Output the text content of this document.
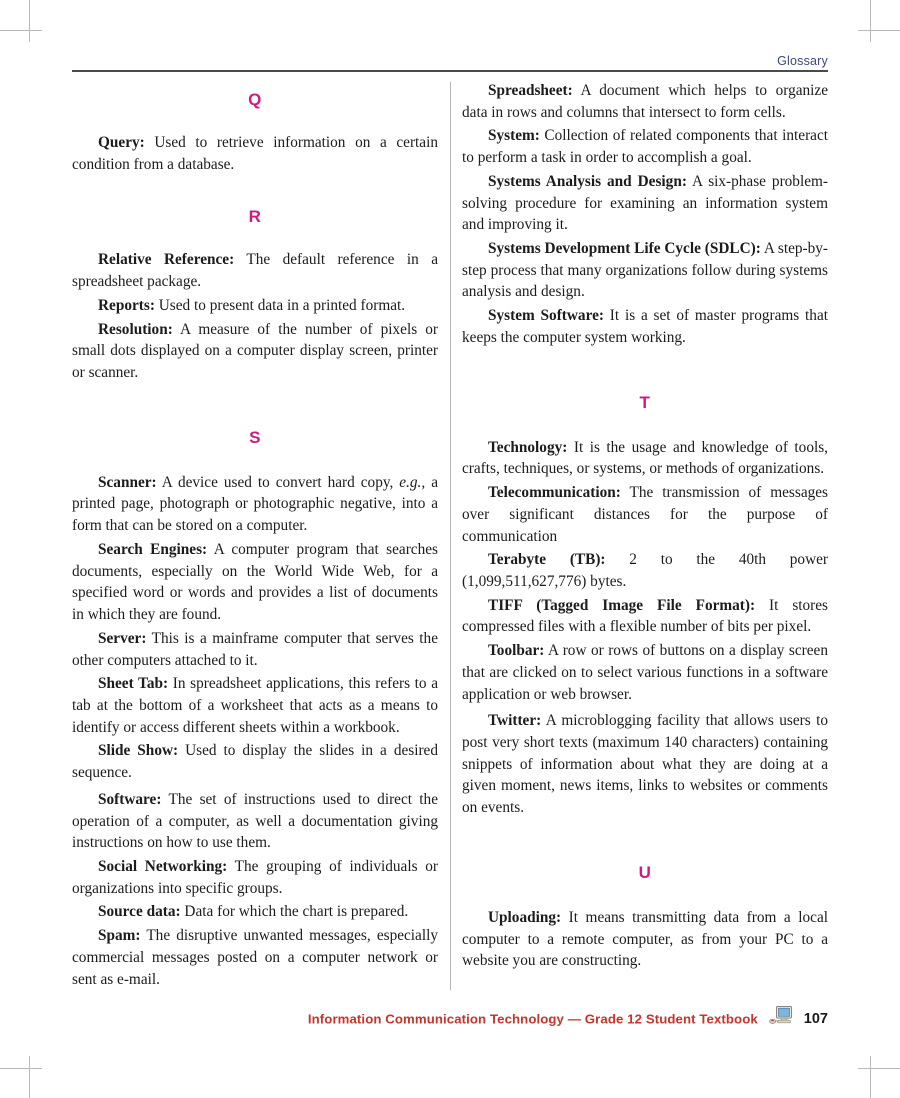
Glossary
Q

Query: Used to retrieve information on a certain condition from a database.

R

Relative Reference: The default reference in a spreadsheet package.

Reports: Used to present data in a printed format.

Resolution: A measure of the number of pixels or small dots displayed on a computer display screen, printer or scanner.

S

Scanner: A device used to convert hard copy, e.g., a printed page, photograph or photographic negative, into a form that can be stored on a computer.

Search Engines: A computer program that searches documents, especially on the World Wide Web, for a specified word or words and provides a list of documents in which they are found.

Server: This is a mainframe computer that serves the other computers attached to it.

Sheet Tab: In spreadsheet applications, this refers to a tab at the bottom of a worksheet that acts as a means to identify or access different sheets within a workbook.

Slide Show: Used to display the slides in a desired sequence.

Software: The set of instructions used to direct the operation of a computer, as well a documentation giving instructions on how to use them.

Social Networking: The grouping of individuals or organizations into specific groups.

Source data: Data for which the chart is prepared.

Spam: The disruptive unwanted messages, especially commercial messages posted on a computer network or sent as e-mail.

Spreadsheet: A document which helps to organize data in rows and columns that intersect to form cells.

System: Collection of related components that interact to perform a task in order to accomplish a goal.

Systems Analysis and Design: A six-phase problem-solving procedure for examining an information system and improving it.

Systems Development Life Cycle (SDLC): A step-by-step process that many organizations follow during systems analysis and design.

System Software: It is a set of master programs that keeps the computer system working.

T

Technology: It is the usage and knowledge of tools, crafts, techniques, or systems, or methods of organizations.

Telecommunication: The transmission of messages over significant distances for the purpose of communication

Terabyte (TB): 2 to the 40th power (1,099,511,627,776) bytes.

TIFF (Tagged Image File Format): It stores compressed files with a flexible number of bits per pixel.

Toolbar: A row or rows of buttons on a display screen that are clicked on to select various functions in a software application or web browser.

Twitter: A microblogging facility that allows users to post very short texts (maximum 140 characters) containing snippets of information about what they are doing at a given moment, news items, links to websites or comments on events.

U

Uploading: It means transmitting data from a local computer to a remote computer, as from your PC to a website you are constructing.

Information Communication Technology — Grade 12 Student Textbook	107
